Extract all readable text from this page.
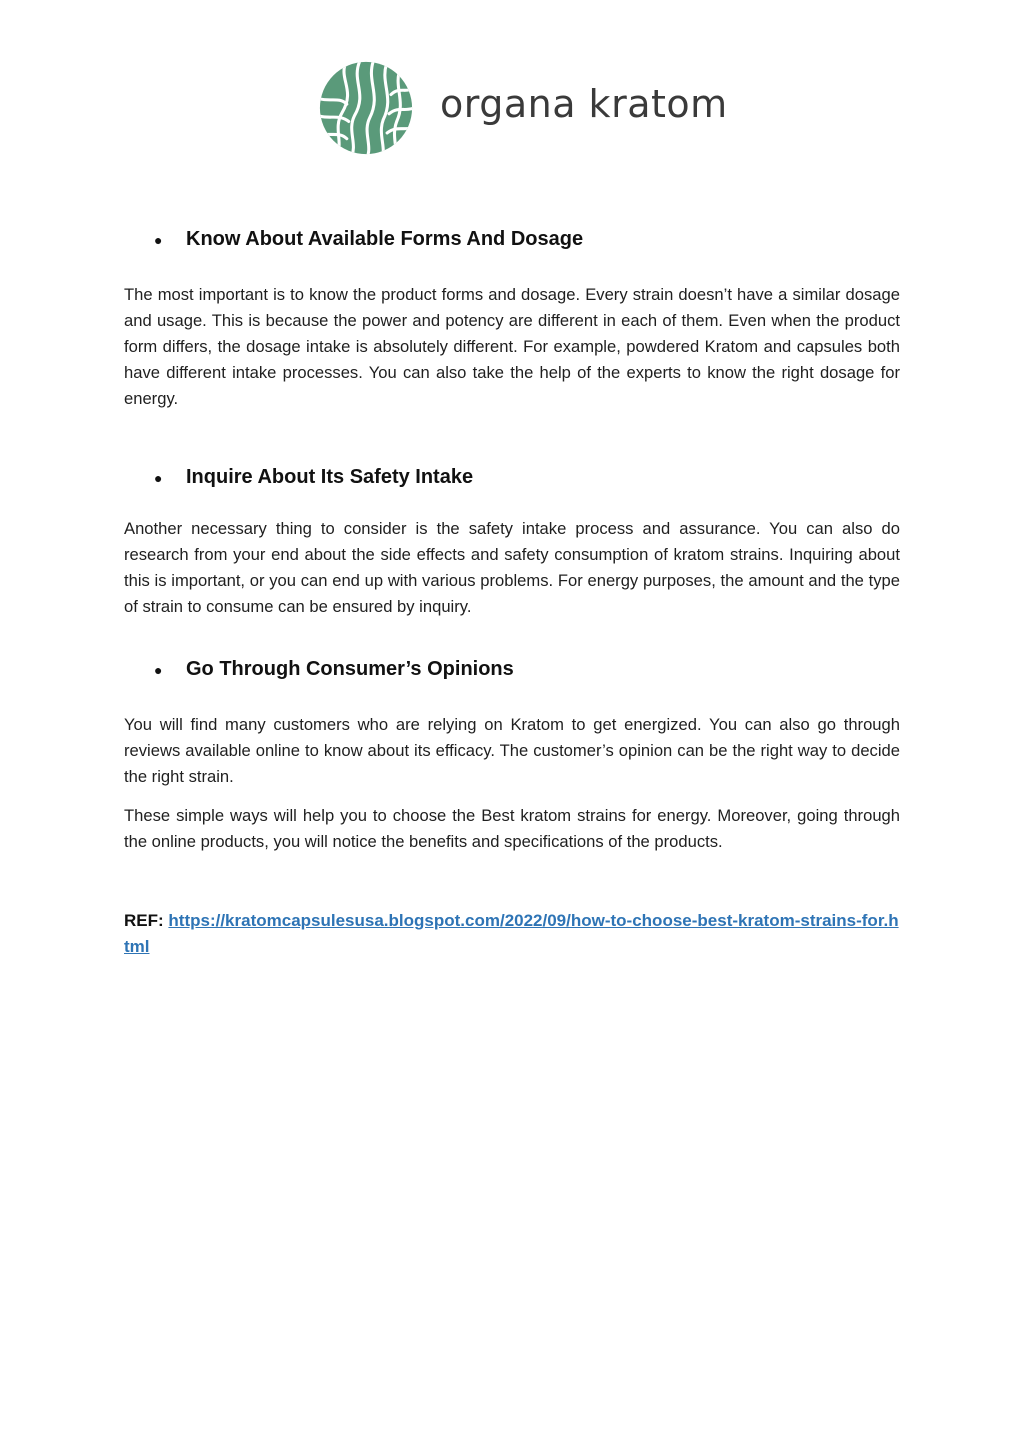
organa kratom
●	Know About Available Forms And Dosage

The most important is to know the product forms and dosage. Every strain doesn’t have a similar dosage and usage. This is because the power and potency are different in each of them. Even when the product form differs, the dosage intake is absolutely different. For example, powdered Kratom and capsules both have different intake processes. You can also take the help of the experts to know the right dosage for energy.

●	Inquire About Its Safety Intake

Another necessary thing to consider is the safety intake process and assurance. You can also do research from your end about the side effects and safety consumption of kratom strains. Inquiring about this is important, or you can end up with various problems. For energy purposes, the amount and the type of strain to consume can be ensured by inquiry.

●	Go Through Consumer’s Opinions

You will find many customers who are relying on Kratom to get energized. You can also go through reviews available online to know about its efficacy. The customer’s opinion can be the right way to decide the right strain.

These simple ways will help you to choose the Best kratom strains for energy. Moreover, going through the online products, you will notice the benefits and specifications of the products.

REF: https://kratomcapsulesusa.blogspot.com/2022/09/how-to-choose-best-kratom-strains-for.html
